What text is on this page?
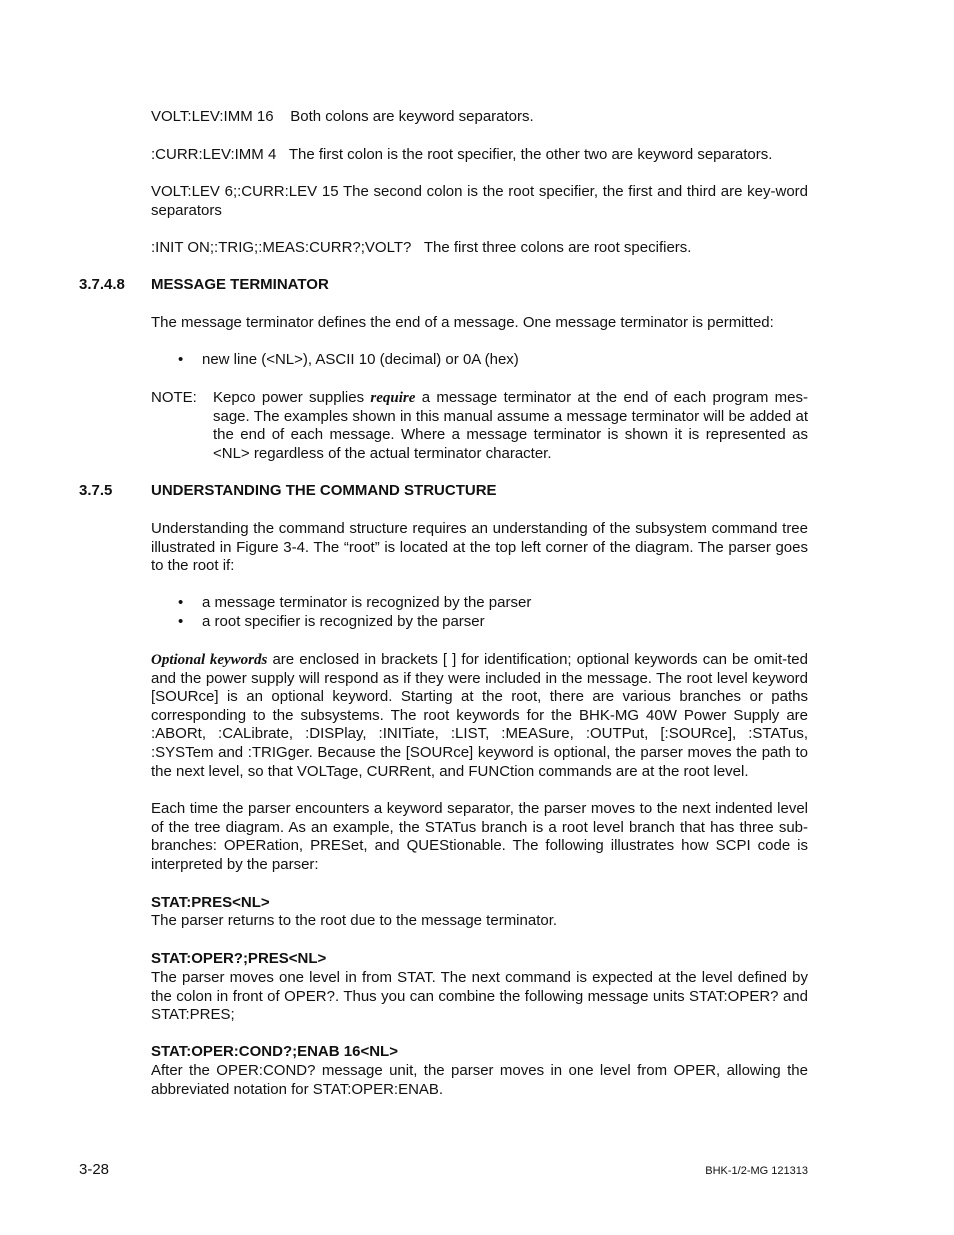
VOLT:LEV:IMM 16 Both colons are keyword separators.

:CURR:LEV:IMM 4 The first colon is the root specifier, the other two are keyword separators.

VOLT:LEV 6;:CURR:LEV 15 The second colon is the root specifier, the first and third are key-word separators

:INIT ON;:TRIG;:MEAS:CURR?;VOLT? The first three colons are root specifiers.

3.7.4.8 MESSAGE TERMINATOR

The message terminator defines the end of a message. One message terminator is permitted:

• new line (<NL>), ASCII 10 (decimal) or 0A (hex)
NOTE: Kepco power supplies require a message terminator at the end of each program mes-sage. The examples shown in this manual assume a message terminator will be added at the end of each message. Where a message terminator is shown it is represented as <NL> regardless of the actual terminator character.
3.7.5	UNDERSTANDING THE COMMAND STRUCTURE

Understanding the command structure requires an understanding of the subsystem command tree illustrated in Figure 3-4. The “root” is located at the top left corner of the diagram. The parser goes to the root if:

• a message terminator is recognized by the parser
• a root specifier is recognized by the parser

Optional keywords are enclosed in brackets [ ] for identification; optional keywords can be omit-ted and the power supply will respond as if they were included in the message. The root level keyword [SOURce] is an optional keyword. Starting at the root, there are various branches or paths corresponding to the subsystems. The root keywords for the BHK-MG 40W Power Supply are :ABORt, :CALibrate, :DISPlay, :INITiate, :LIST, :MEASure, :OUTPut, [:SOURce], :STATus, :SYSTem and :TRIGger. Because the [SOURce] keyword is optional, the parser moves the path to the next level, so that VOLTage, CURRent, and FUNCtion commands are at the root level.

Each time the parser encounters a keyword separator, the parser moves to the next indented level of the tree diagram. As an example, the STATus branch is a root level branch that has three sub-branches: OPERation, PRESet, and QUEStionable. The following illustrates how SCPI code is interpreted by the parser:

STAT:PRES<NL>

The parser returns to the root due to the message terminator.

STAT:OPER?;PRES<NL>

The parser moves one level in from STAT. The next command is expected at the level defined by the colon in front of OPER?. Thus you can combine the following message units STAT:OPER? and STAT:PRES;

STAT:OPER:COND?;ENAB 16<NL>

After the OPER:COND? message unit, the parser moves in one level from OPER, allowing the abbreviated notation for STAT:OPER:ENAB.

3-28	BHK-1/2-MG 121313
